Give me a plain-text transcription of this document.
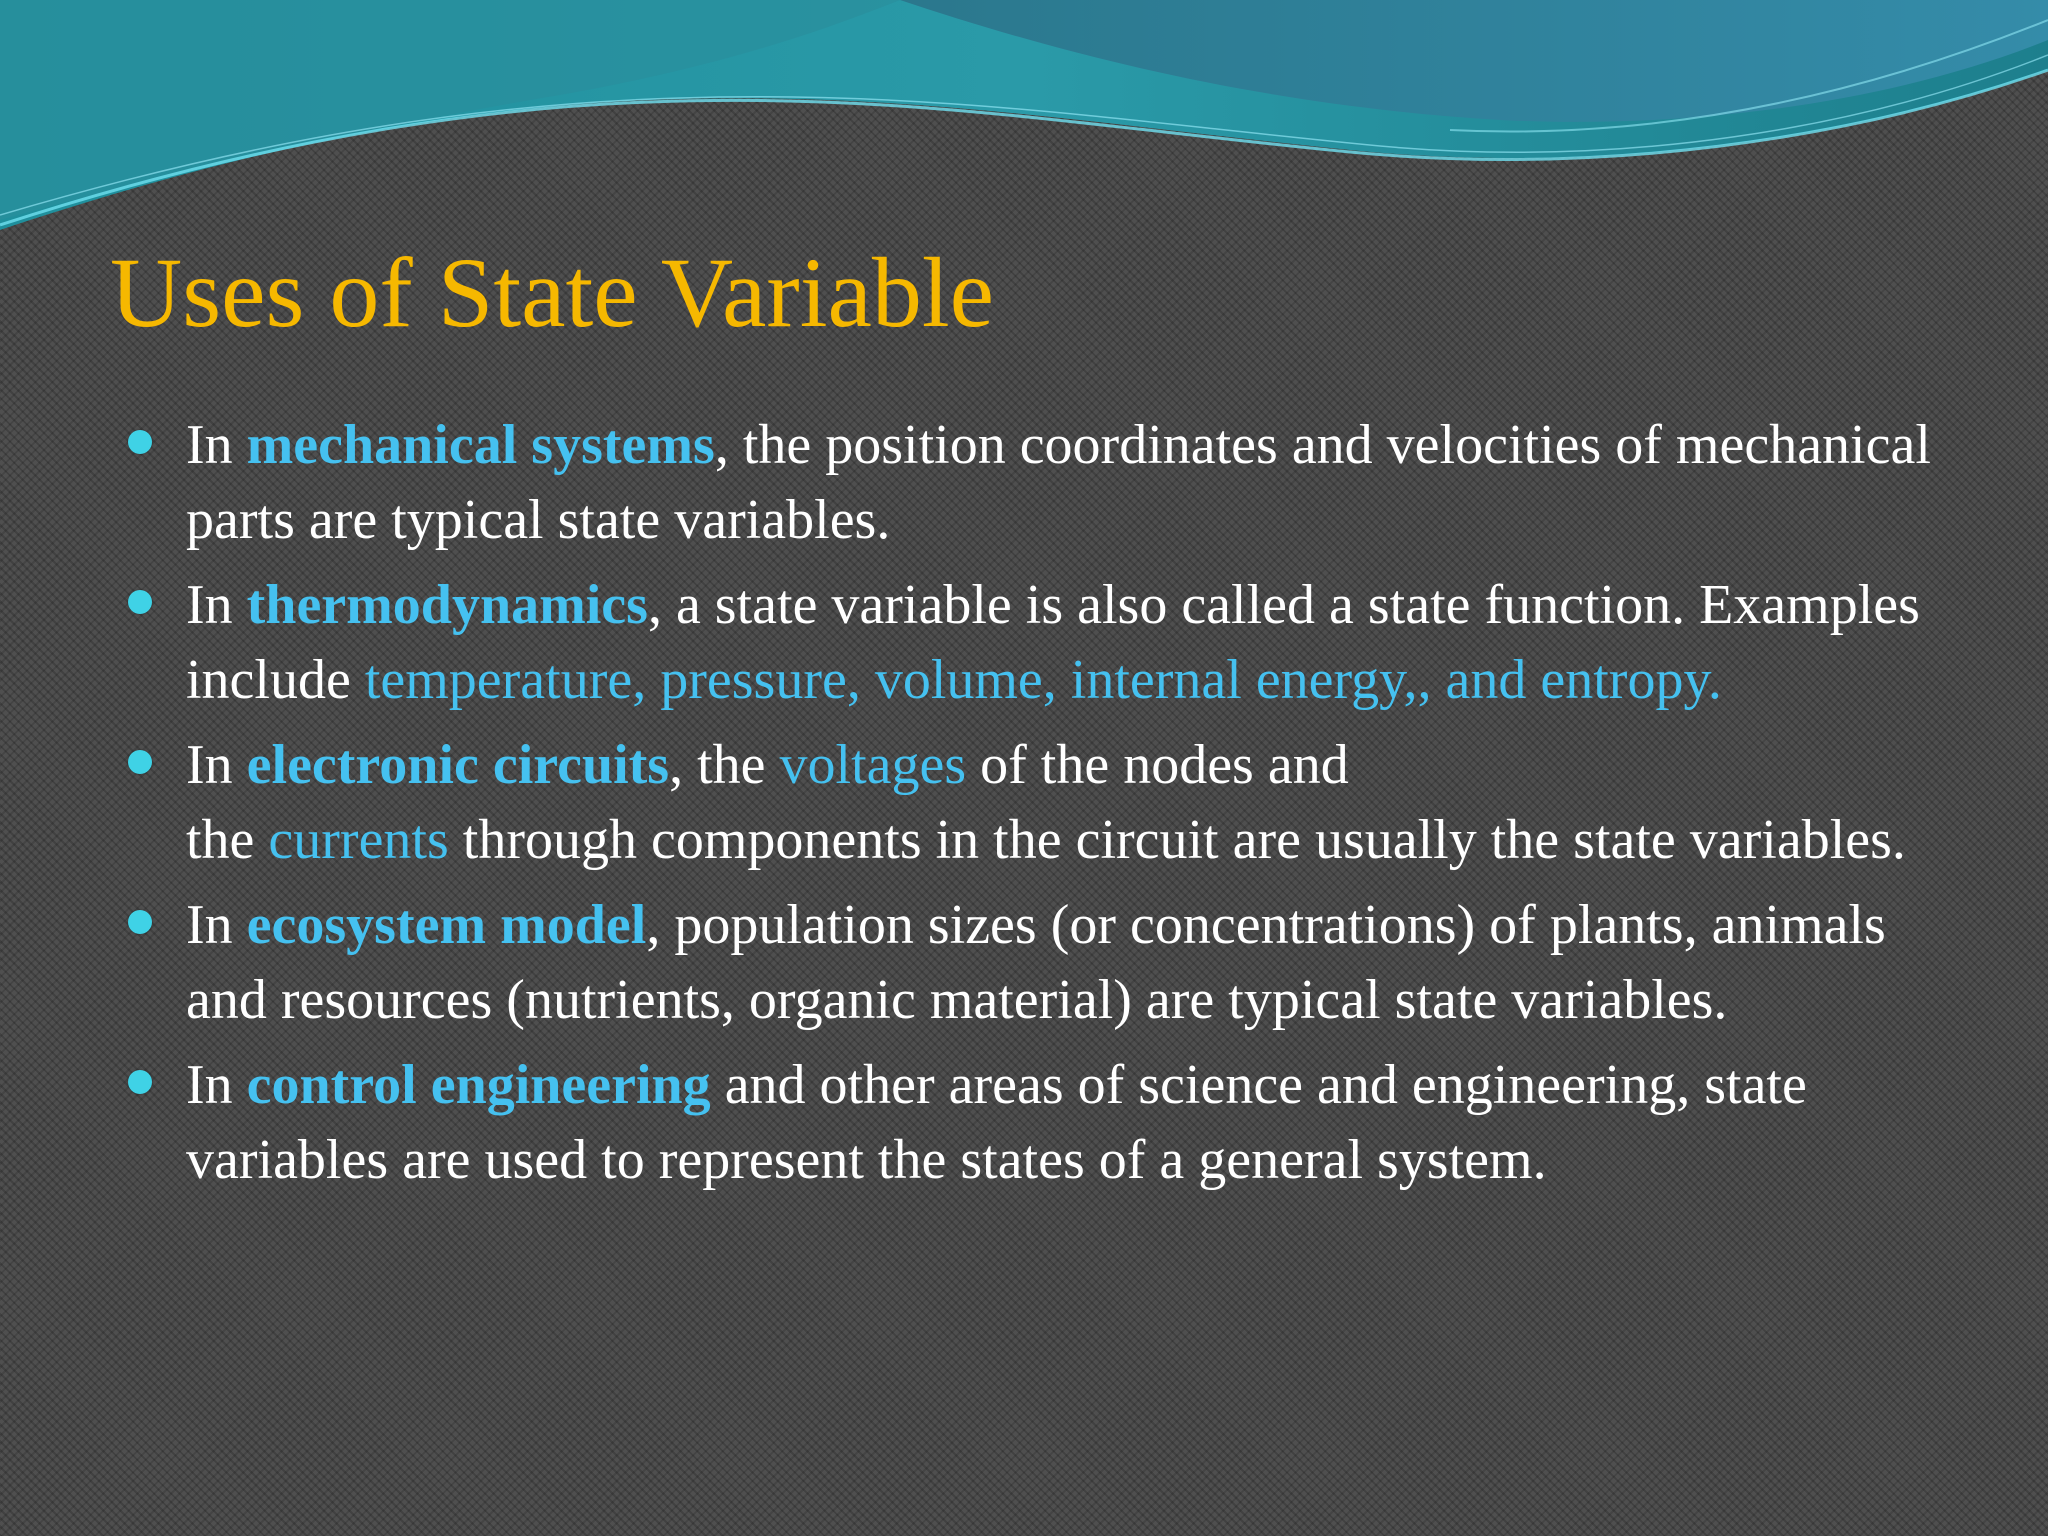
Uses of State Variable
In mechanical systems, the position coordinates and velocities of mechanical parts are typical state variables.
In thermodynamics, a state variable is also called a state function. Examples include temperature, pressure, volume, internal energy,, and entropy.
In electronic circuits, the voltages of the nodes and
the currents through components in the circuit are usually the state variables.
In ecosystem model, population sizes (or concentrations) of plants, animals and resources (nutrients, organic material) are typical state variables.
In control engineering and other areas of science and engineering, state variables are used to represent the states of a general system.
